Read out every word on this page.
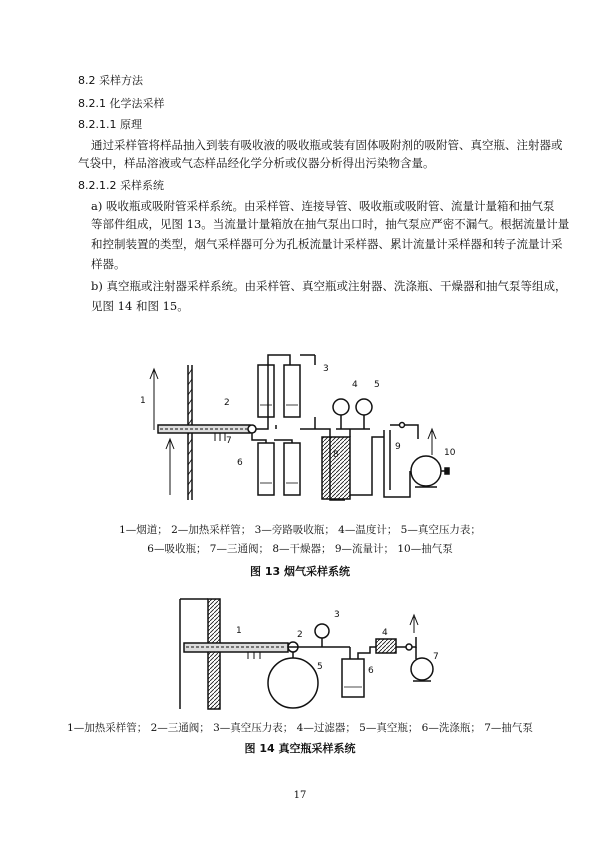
8.2 采样方法
8.2.1 化学法采样
8.2.1.1 原理
通过采样管将样品抽入到装有吸收液的吸收瓶或装有固体吸附剂的吸附管、真空瓶、注射器或
气袋中，样品溶液或气态样品经化学分析或仪器分析得出污染物含量。
8.2.1.2 采样系统
a) 吸收瓶或吸附管采样系统。由采样管、连接导管、吸收瓶或吸附管、流量计量箱和抽气泵
等部件组成，见图 13。当流量计量箱放在抽气泵出口时，抽气泵应严密不漏气。根据流量计量
和控制装置的类型，烟气采样器可分为孔板流量计采样器、累计流量计采样器和转子流量计采
样器。
b) 真空瓶或注射器采样系统。由采样管、真空瓶或注射器、洗涤瓶、干燥器和抽气泵等组成，
见图 14 和图 15。
1	2
3
4 5
6
7
8
9
10
1—烟道； 2—加热采样管； 3—旁路吸收瓶； 4—温度计； 5—真空压力表；
6—吸收瓶； 7—三通阀； 8—干燥器； 9—流量计； 10—抽气泵
图 13 烟气采样系统
1	2
3
4
5	6
7
1—加热采样管； 2—三通阀； 3—真空压力表； 4—过滤器； 5—真空瓶； 6—洗涤瓶； 7—抽气泵
图 14 真空瓶采样系统
17
